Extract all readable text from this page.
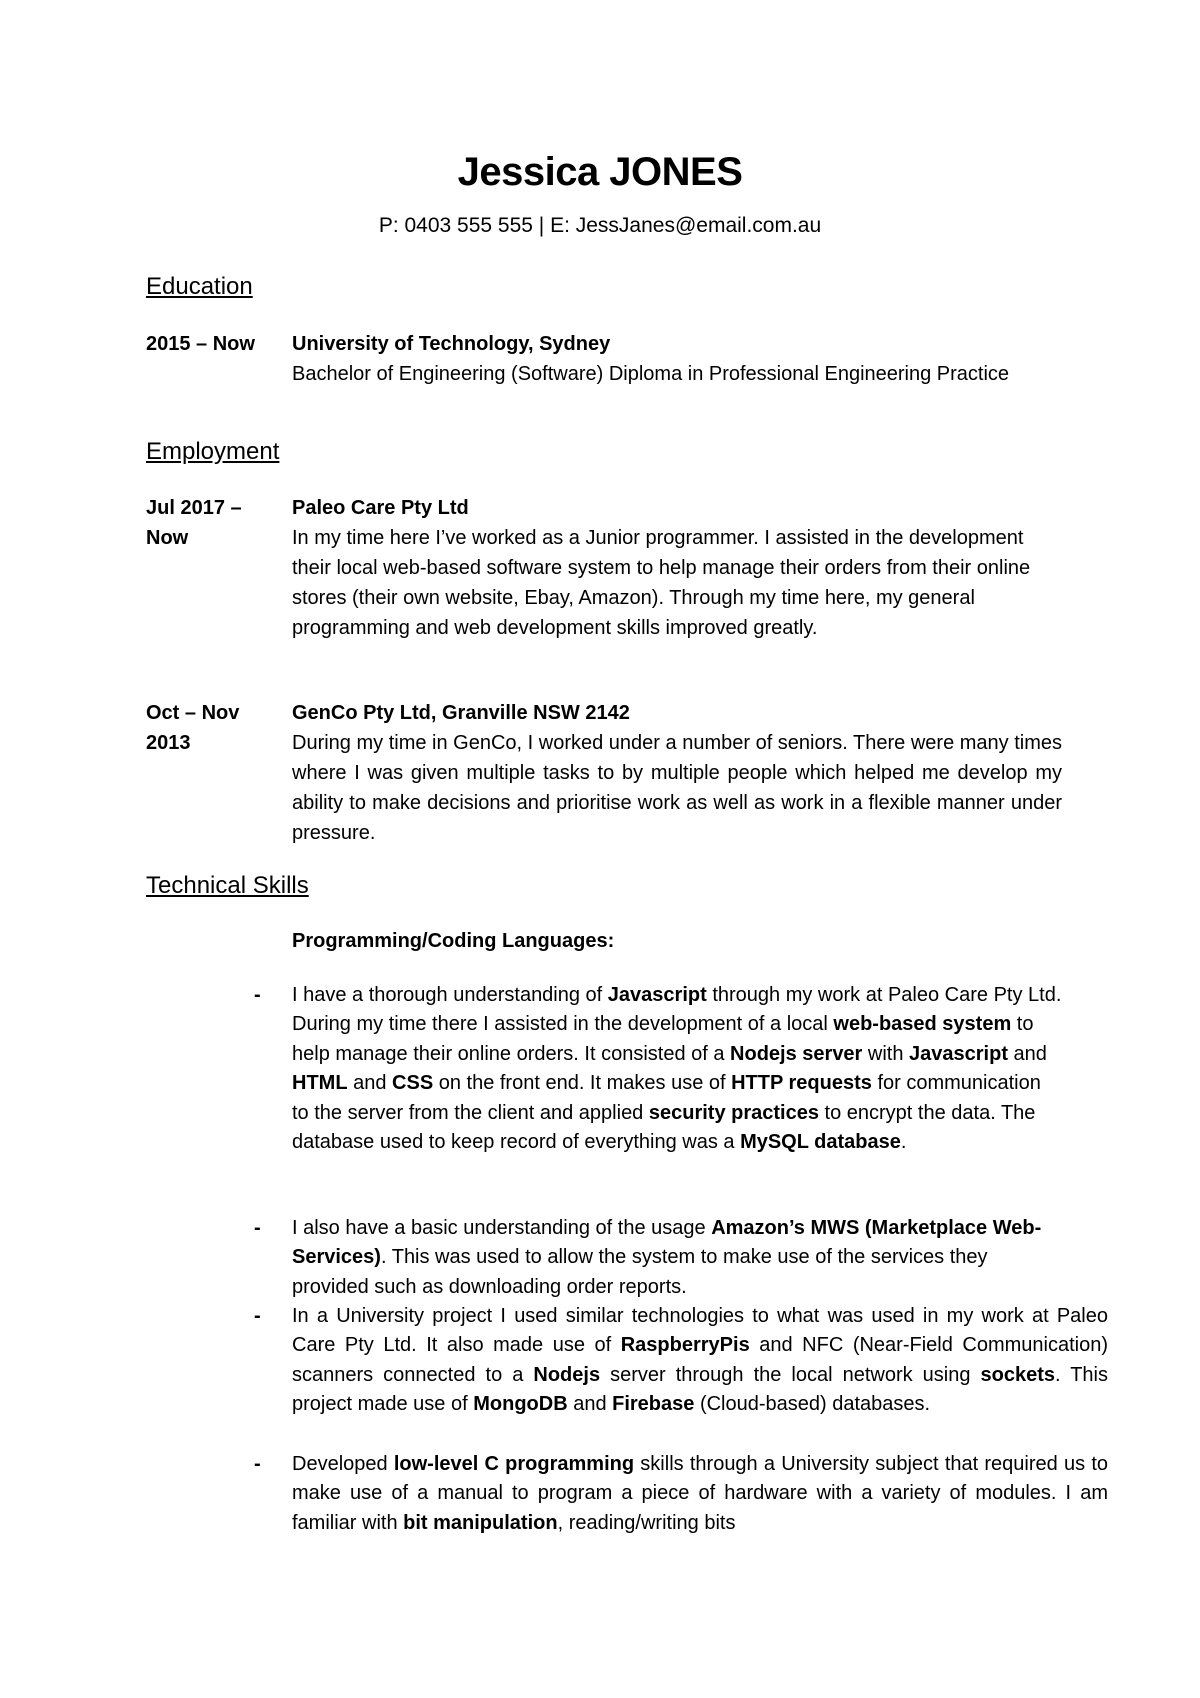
Jessica JONES
P: 0403 555 555 | E: JessJanes@email.com.au
Education
2015 – Now	University of Technology, Sydney
Bachelor of Engineering (Software) Diploma in Professional Engineering Practice
Employment
Jul 2017 –
Now
Paleo Care Pty Ltd
In my time here I’ve worked as a Junior programmer. I assisted in the development their local web-based software system to help manage their orders from their online stores (their own website, Ebay, Amazon). Through my time here, my general programming and web development skills improved greatly.
Oct – Nov
2013
GenCo Pty Ltd, Granville NSW 2142
During my time in GenCo, I worked under a number of seniors. There were many times where I was given multiple tasks to by multiple people which helped me develop my ability to make decisions and prioritise work as well as work in a flexible manner under pressure.
Technical Skills
Programming/Coding Languages:
- I have a thorough understanding of Javascript through my work at Paleo Care Pty Ltd. During my time there I assisted in the development of a local web-based system to help manage their online orders. It consisted of a Nodejs server with Javascript and HTML and CSS on the front end. It makes use of HTTP requests for communication to the server from the client and applied security practices to encrypt the data. The database used to keep record of everything was a MySQL database.
- I also have a basic understanding of the usage Amazon’s MWS (Marketplace Web-Services). This was used to allow the system to make use of the services they provided such as downloading order reports.
- In a University project I used similar technologies to what was used in my work at Paleo Care Pty Ltd. It also made use of RaspberryPis and NFC (Near-Field Communication) scanners connected to a Nodejs server through the local network using sockets. This project made use of MongoDB and Firebase (Cloud-based) databases.
- Developed low-level C programming skills through a University subject that required us to make use of a manual to program a piece of hardware with a variety of modules. I am familiar with bit manipulation, reading/writing bits
